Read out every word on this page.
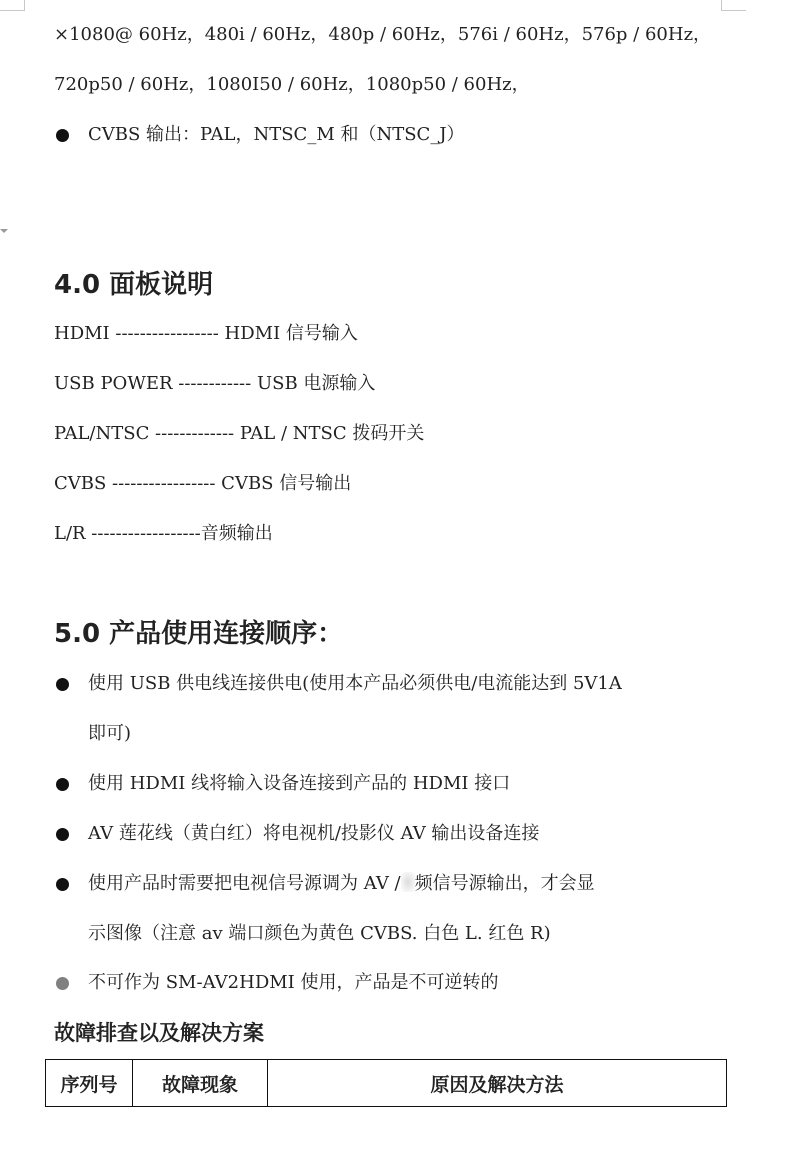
×1080@ 60Hz，480i / 60Hz，480p / 60Hz，576i / 60Hz，576p / 60Hz，
720p50 / 60Hz，1080I50 / 60Hz，1080p50 / 60Hz，
CVBS 输出：PAL，NTSC_M 和（NTSC_J）
4.0 面板说明
HDMI ----------------- HDMI 信号输入
USB POWER ------------ USB 电源输入
PAL/NTSC ------------- PAL / NTSC 拨码开关
CVBS ----------------- CVBS 信号输出
L/R ------------------音频输出
5.0 产品使用连接顺序：
使用 USB 供电线连接供电(使用本产品必须供电/电流能达到 5V1A
即可)
使用 HDMI 线将输入设备连接到产品的 HDMI 接口
AV 莲花线（黄白红）将电视机/投影仪 AV 输出设备连接
使用产品时需要把电视信号源调为 AV / 频信号源输出，才会显
示图像（注意 av 端口颜色为黄色 CVBS. 白色 L. 红色 R)
不可作为 SM-AV2HDMI 使用，产品是不可逆转的
故障排查以及解决方案
序列号	故障现象	原因及解决方法
